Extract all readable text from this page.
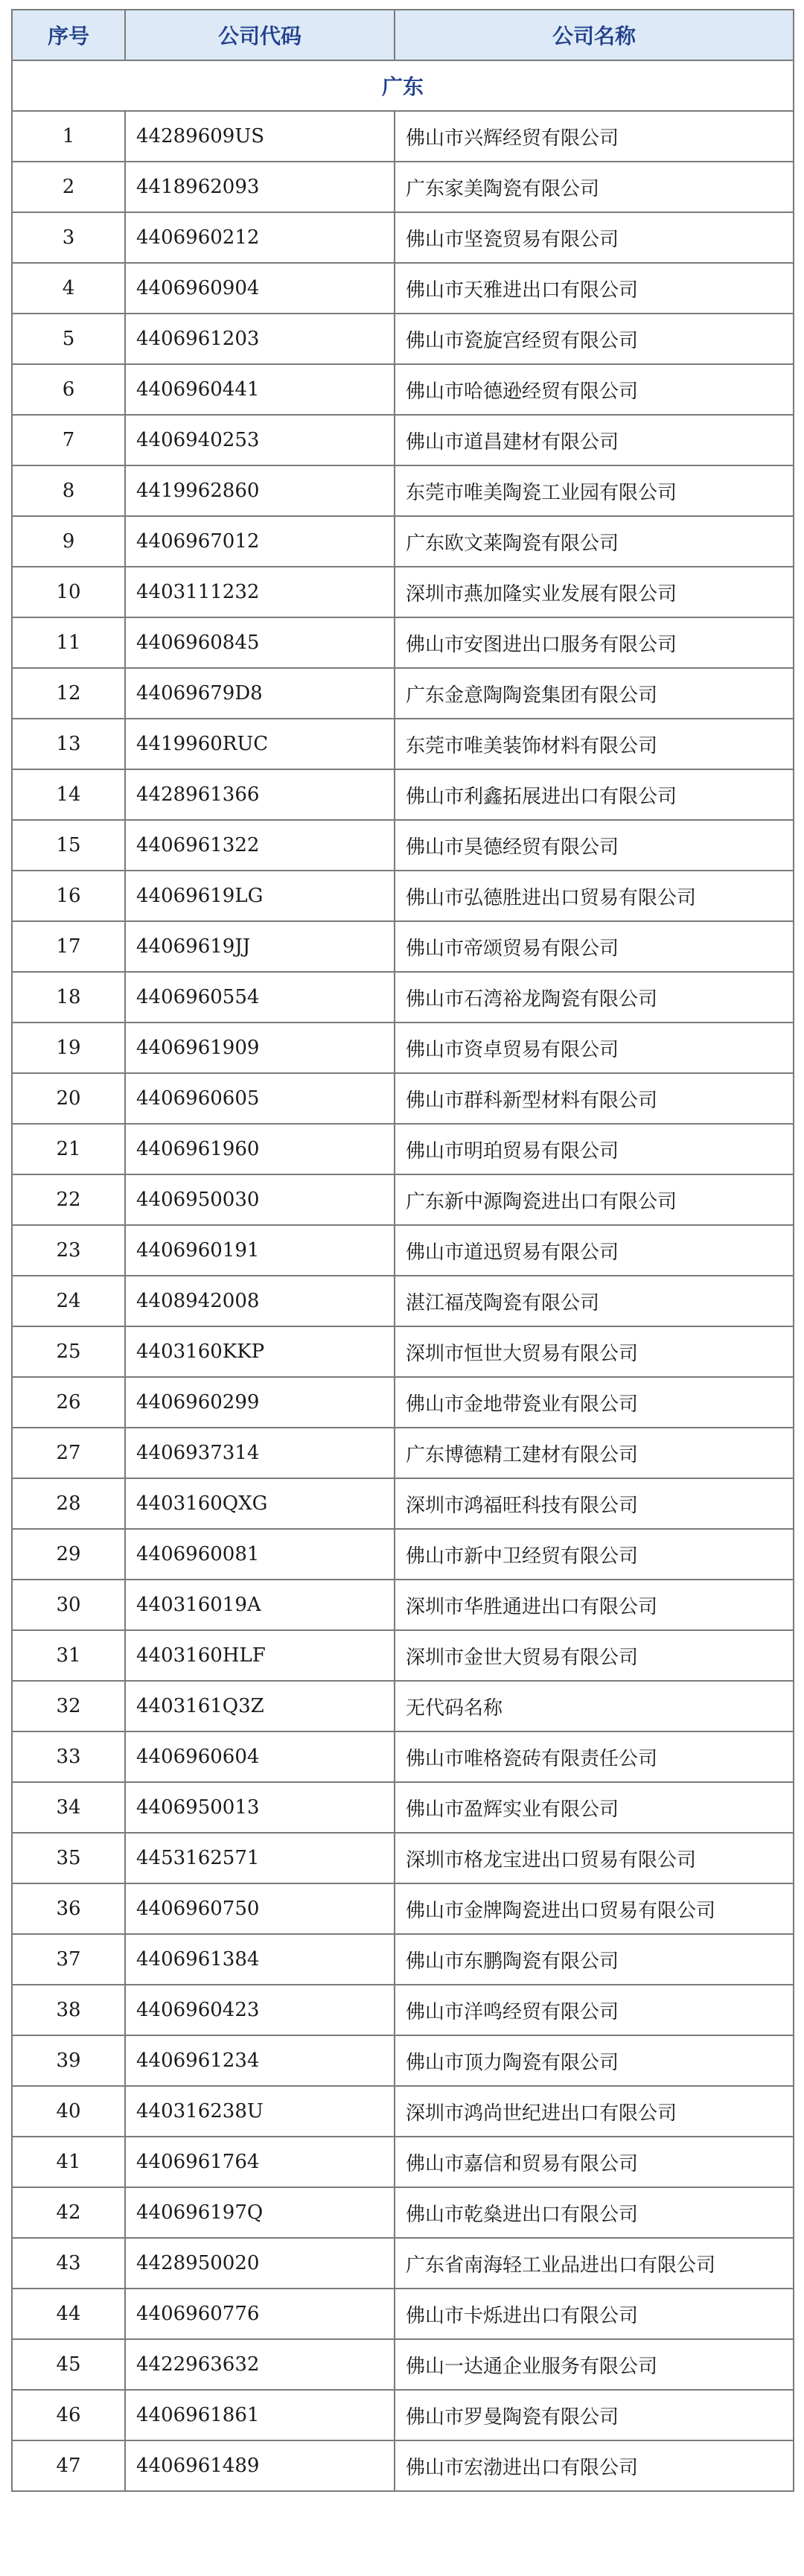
序号	公司代码	公司名称
广东		
1	44289609US	佛山市兴辉经贸有限公司
2	4418962093	广东家美陶瓷有限公司
3	4406960212	佛山市坚瓷贸易有限公司
4	4406960904	佛山市天雅进出口有限公司
5	4406961203	佛山市瓷旋宫经贸有限公司
6	4406960441	佛山市哈德逊经贸有限公司
7	4406940253	佛山市道昌建材有限公司
8	4419962860	东莞市唯美陶瓷工业园有限公司
9	4406967012	广东欧文莱陶瓷有限公司
10	4403111232	深圳市燕加隆实业发展有限公司
11	4406960845	佛山市安图进出口服务有限公司
12	44069679D8	广东金意陶陶瓷集团有限公司
13	4419960RUC	东莞市唯美装饰材料有限公司
14	4428961366	佛山市利鑫拓展进出口有限公司
15	4406961322	佛山市昊德经贸有限公司
16	44069619LG	佛山市弘德胜进出口贸易有限公司
17	44069619JJ	佛山市帝颂贸易有限公司
18	4406960554	佛山市石湾裕龙陶瓷有限公司
19	4406961909	佛山市资卓贸易有限公司
20	4406960605	佛山市群科新型材料有限公司
21	4406961960	佛山市明珀贸易有限公司
22	4406950030	广东新中源陶瓷进出口有限公司
23	4406960191	佛山市道迅贸易有限公司
24	4408942008	湛江福茂陶瓷有限公司
25	4403160KKP	深圳市恒世大贸易有限公司
26	4406960299	佛山市金地带瓷业有限公司
27	4406937314	广东博德精工建材有限公司
28	4403160QXG	深圳市鸿福旺科技有限公司
29	4406960081	佛山市新中卫经贸有限公司
30	440316019A	深圳市华胜通进出口有限公司
31	4403160HLF	深圳市金世大贸易有限公司
32	4403161Q3Z	无代码名称
33	4406960604	佛山市唯格瓷砖有限责任公司
34	4406950013	佛山市盈辉实业有限公司
35	4453162571	深圳市格龙宝进出口贸易有限公司
36	4406960750	佛山市金牌陶瓷进出口贸易有限公司
37	4406961384	佛山市东鹏陶瓷有限公司
38	4406960423	佛山市洋鸣经贸有限公司
39	4406961234	佛山市顶力陶瓷有限公司
40	440316238U	深圳市鸿尚世纪进出口有限公司
41	4406961764	佛山市嘉信和贸易有限公司
42	440696197Q	佛山市乾燊进出口有限公司
43	4428950020	广东省南海轻工业品进出口有限公司
44	4406960776	佛山市卡烁进出口有限公司
45	4422963632	佛山一达通企业服务有限公司
46	4406961861	佛山市罗曼陶瓷有限公司
47	4406961489	佛山市宏渤进出口有限公司
